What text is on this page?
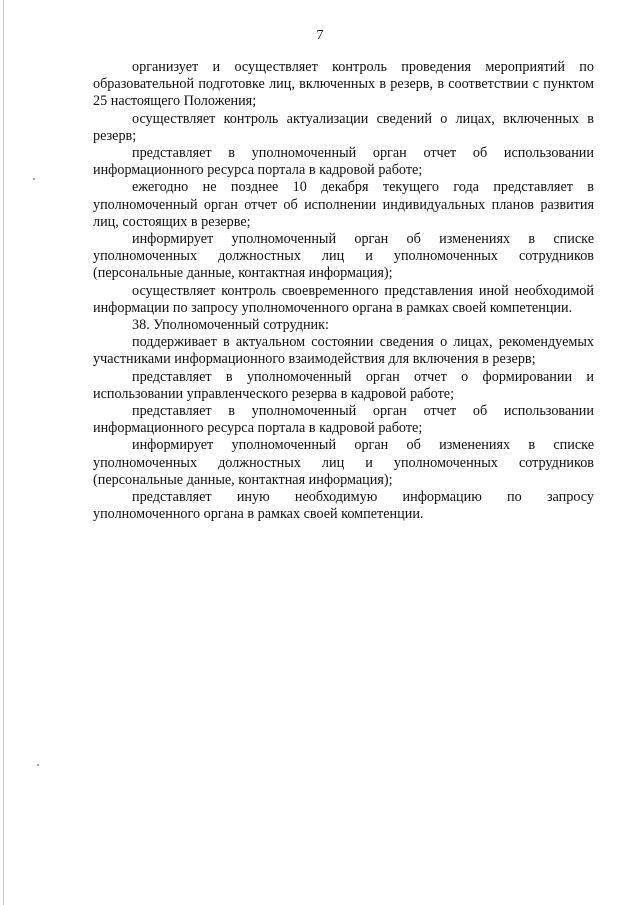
7

организует и осуществляет контроль проведения мероприятий по образовательной подготовке лиц, включенных в резерв, в соответствии с пунктом 25 настоящего Положения;

осуществляет контроль актуализации сведений о лицах, включенных в резерв;

представляет в уполномоченный орган отчет об использовании информационного ресурса портала в кадровой работе;

ежегодно не позднее 10 декабря текущего года представляет в уполномоченный орган отчет об исполнении индивидуальных планов развития лиц, состоящих в резерве;

информирует уполномоченный орган об изменениях в списке уполномоченных должностных лиц и уполномоченных сотрудников (персональные данные, контактная информация);

осуществляет контроль своевременного представления иной необходимой информации по запросу уполномоченного органа в рамках своей компетенции.

38. Уполномоченный сотрудник:

поддерживает в актуальном состоянии сведения о лицах, рекомендуемых участниками информационного взаимодействия для включения в резерв;

представляет в уполномоченный орган отчет о формировании и использовании управленческого резерва в кадровой работе;

представляет в уполномоченный орган отчет об использовании информационного ресурса портала в кадровой работе;

информирует уполномоченный орган об изменениях в списке уполномоченных должностных лиц и уполномоченных сотрудников (персональные данные, контактная информация);

представляет иную необходимую информацию по запросу уполномоченного органа в рамках своей компетенции.
